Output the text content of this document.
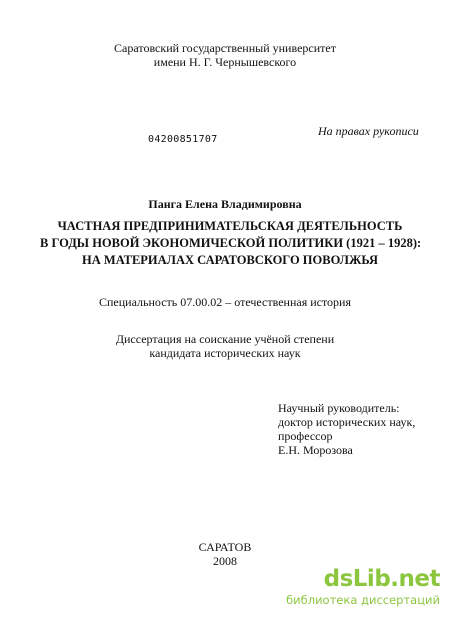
Саратовский государственный университет
имени Н. Г. Чернышевского
На правах рукописи
04200851707
Панга Елена Владимировна
ЧАСТНАЯ ПРЕДПРИНИМАТЕЛЬСКАЯ ДЕЯТЕЛЬНОСТЬ
В ГОДЫ НОВОЙ ЭКОНОМИЧЕСКОЙ ПОЛИТИКИ (1921 – 1928):
НА МАТЕРИАЛАХ САРАТОВСКОГО ПОВОЛЖЬЯ
Специальность 07.00.02 – отечественная история
Диссертация на соискание учёной степени
кандидата исторических наук
Научный руководитель:
доктор исторических наук,
профессор
Е.Н. Морозова
САРАТОВ
2008
dsLib.net
библиотека диссертаций
